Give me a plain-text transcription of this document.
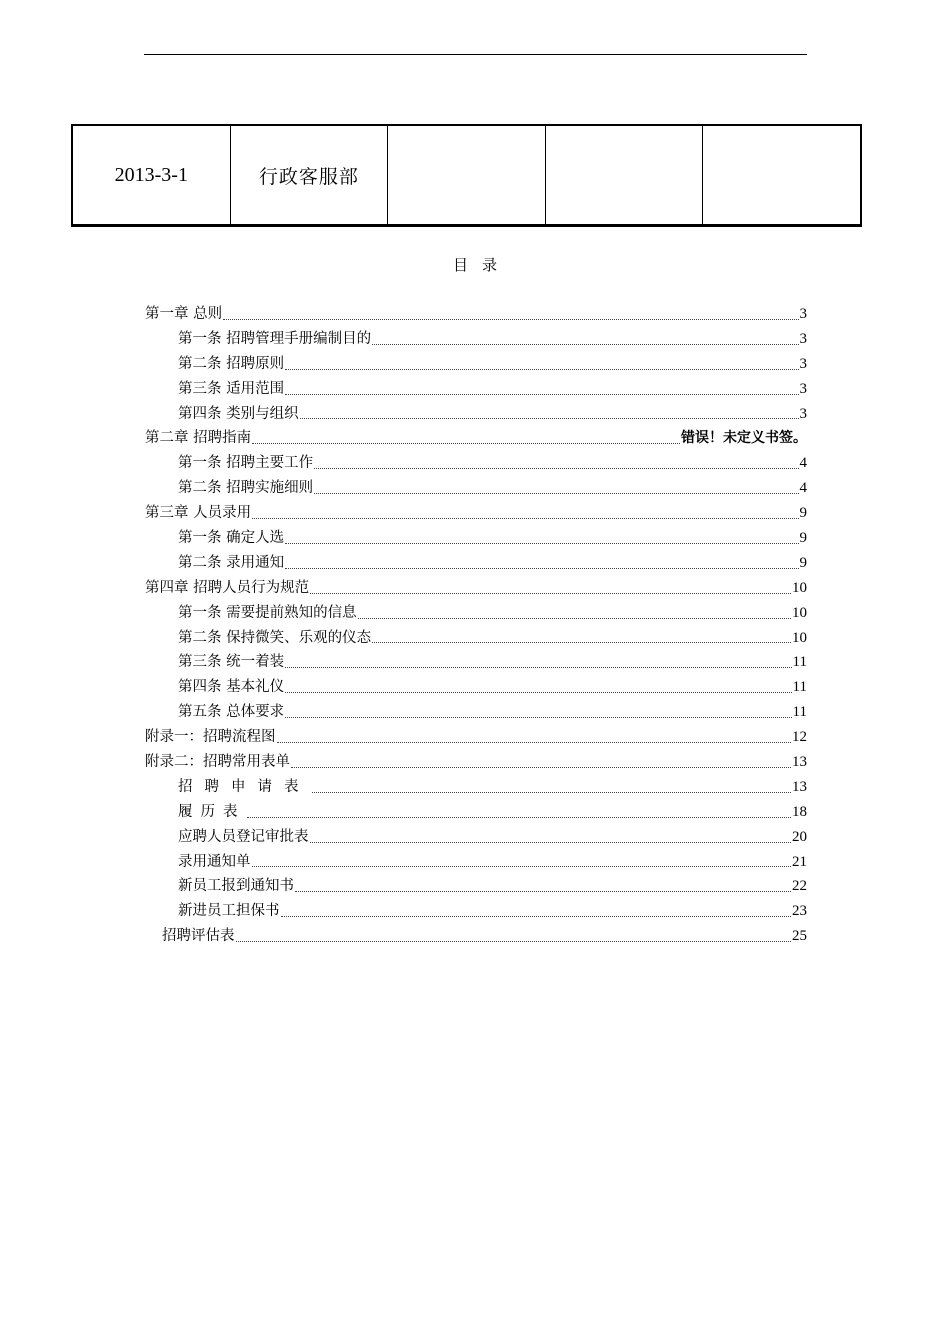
2013-3-1	行政客服部
目录
第一章 总则	3
第一条 招聘管理手册编制目的	3
第二条 招聘原则	3
第三条 适用范围	3
第四条 类别与组织	3
第二章 招聘指南	错误！未定义书签。
第一条 招聘主要工作	4
第二条 招聘实施细则	4
第三章 人员录用	9
第一条 确定人选	9
第二条 录用通知	9
第四章 招聘人员行为规范	10
第一条 需要提前熟知的信息	10
第二条 保持微笑、乐观的仪态	10
第三条 统一着装	11
第四条 基本礼仪	11
第五条 总体要求	11
附录一：招聘流程图	12
附录二：招聘常用表单	13
招聘申请表	13
履历表	18
应聘人员登记审批表	20
录用通知单	21
新员工报到通知书	22
新进员工担保书	23
招聘评估表	25
